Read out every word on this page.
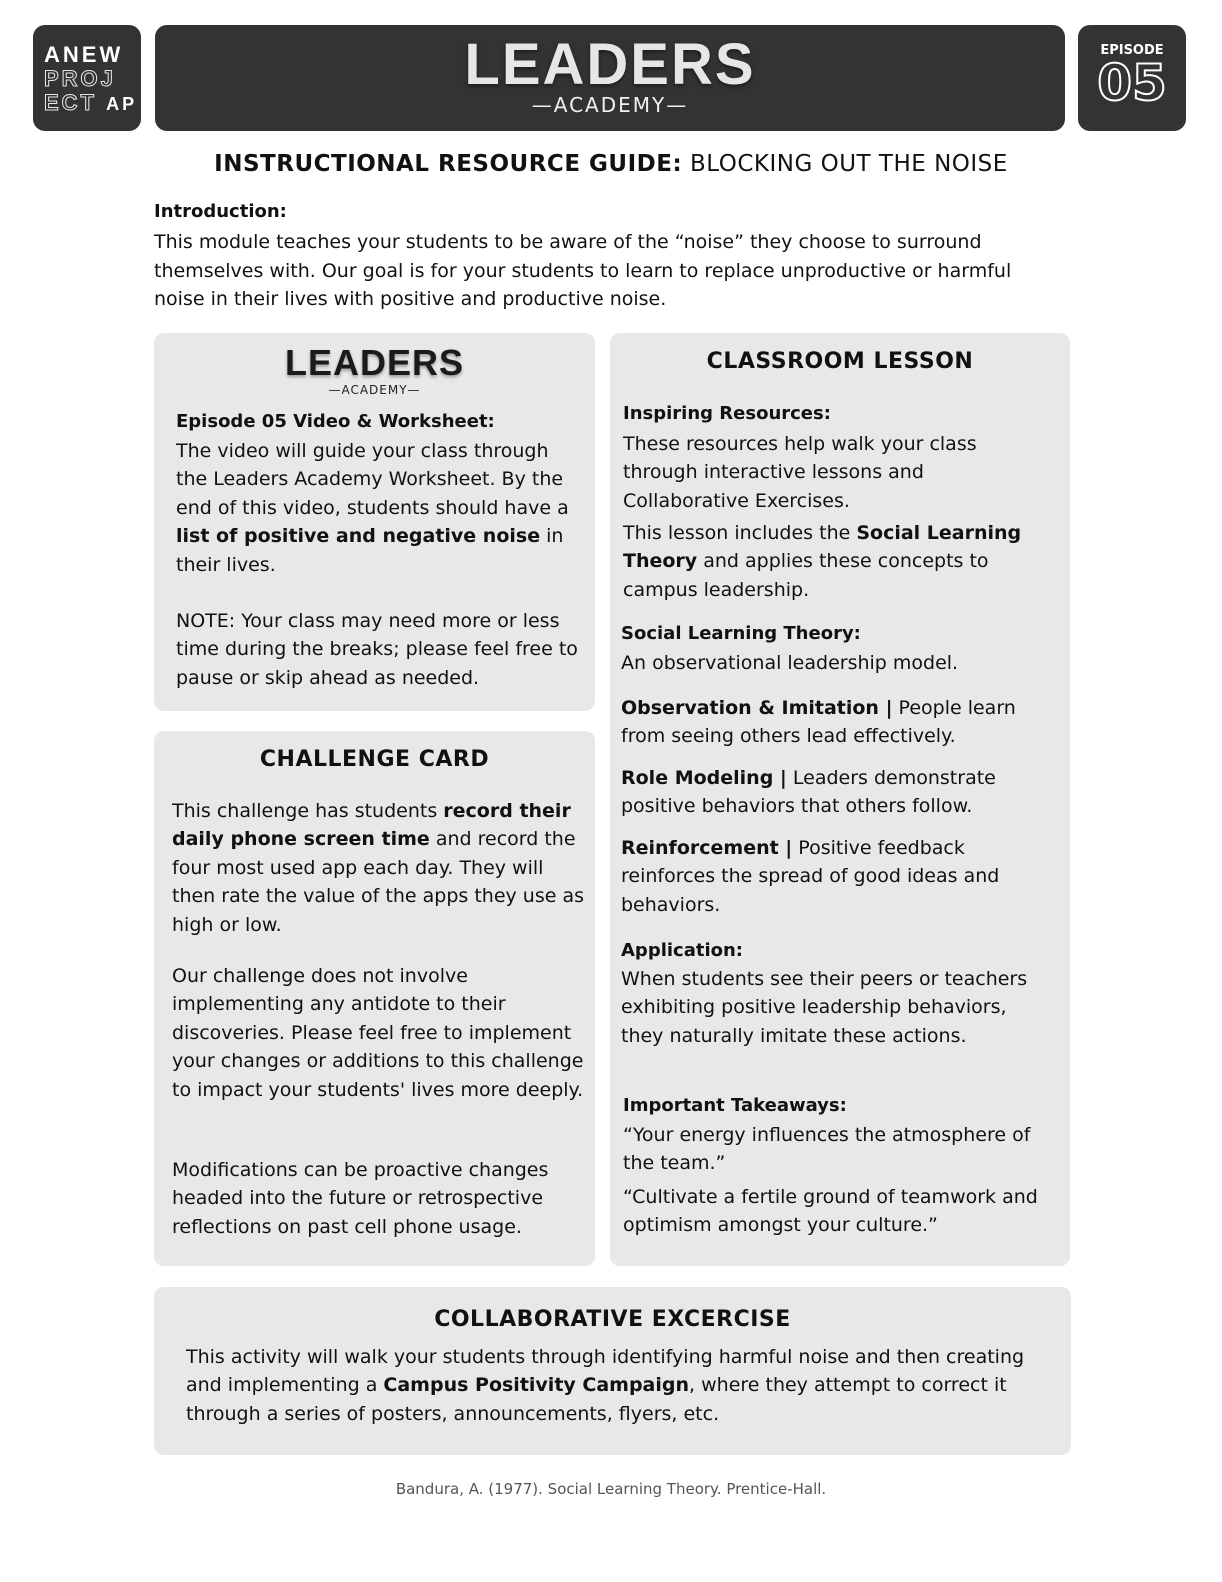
ANEW
PROJ
ECT AP
LEADERS
—ACADEMY—
EPISODE
05
INSTRUCTIONAL RESOURCE GUIDE: BLOCKING OUT THE NOISE
Introduction:
This module teaches your students to be aware of the “noise” they choose to surround themselves with. Our goal is for your students to learn to replace unproductive or harmful noise in their lives with positive and productive noise.
LEADERS
—ACADEMY—
Episode 05 Video & Worksheet:
The video will guide your class through the Leaders Academy Worksheet. By the end of this video, students should have a list of positive and negative noise in their lives.
NOTE: Your class may need more or less time during the breaks; please feel free to pause or skip ahead as needed.
CHALLENGE CARD
This challenge has students record their daily phone screen time and record the four most used app each day. They will then rate the value of the apps they use as high or low.
Our challenge does not involve implementing any antidote to their discoveries. Please feel free to implement your changes or additions to this challenge to impact your students' lives more deeply.
Modifications can be proactive changes headed into the future or retrospective reflections on past cell phone usage.
CLASSROOM LESSON
Inspiring Resources:
These resources help walk your class through interactive lessons and Collaborative Exercises.
This lesson includes the Social Learning Theory and applies these concepts to campus leadership.
Social Learning Theory:
An observational leadership model.
Observation & Imitation | People learn from seeing others lead effectively.
Role Modeling | Leaders demonstrate positive behaviors that others follow.
Reinforcement | Positive feedback reinforces the spread of good ideas and behaviors.
Application:
When students see their peers or teachers exhibiting positive leadership behaviors, they naturally imitate these actions.
Important Takeaways:
“Your energy influences the atmosphere of the team.”
“Cultivate a fertile ground of teamwork and optimism amongst your culture.”
COLLABORATIVE EXCERCISE
This activity will walk your students through identifying harmful noise and then creating and implementing a Campus Positivity Campaign, where they attempt to correct it through a series of posters, announcements, flyers, etc.
Bandura, A. (1977). Social Learning Theory. Prentice-Hall.
